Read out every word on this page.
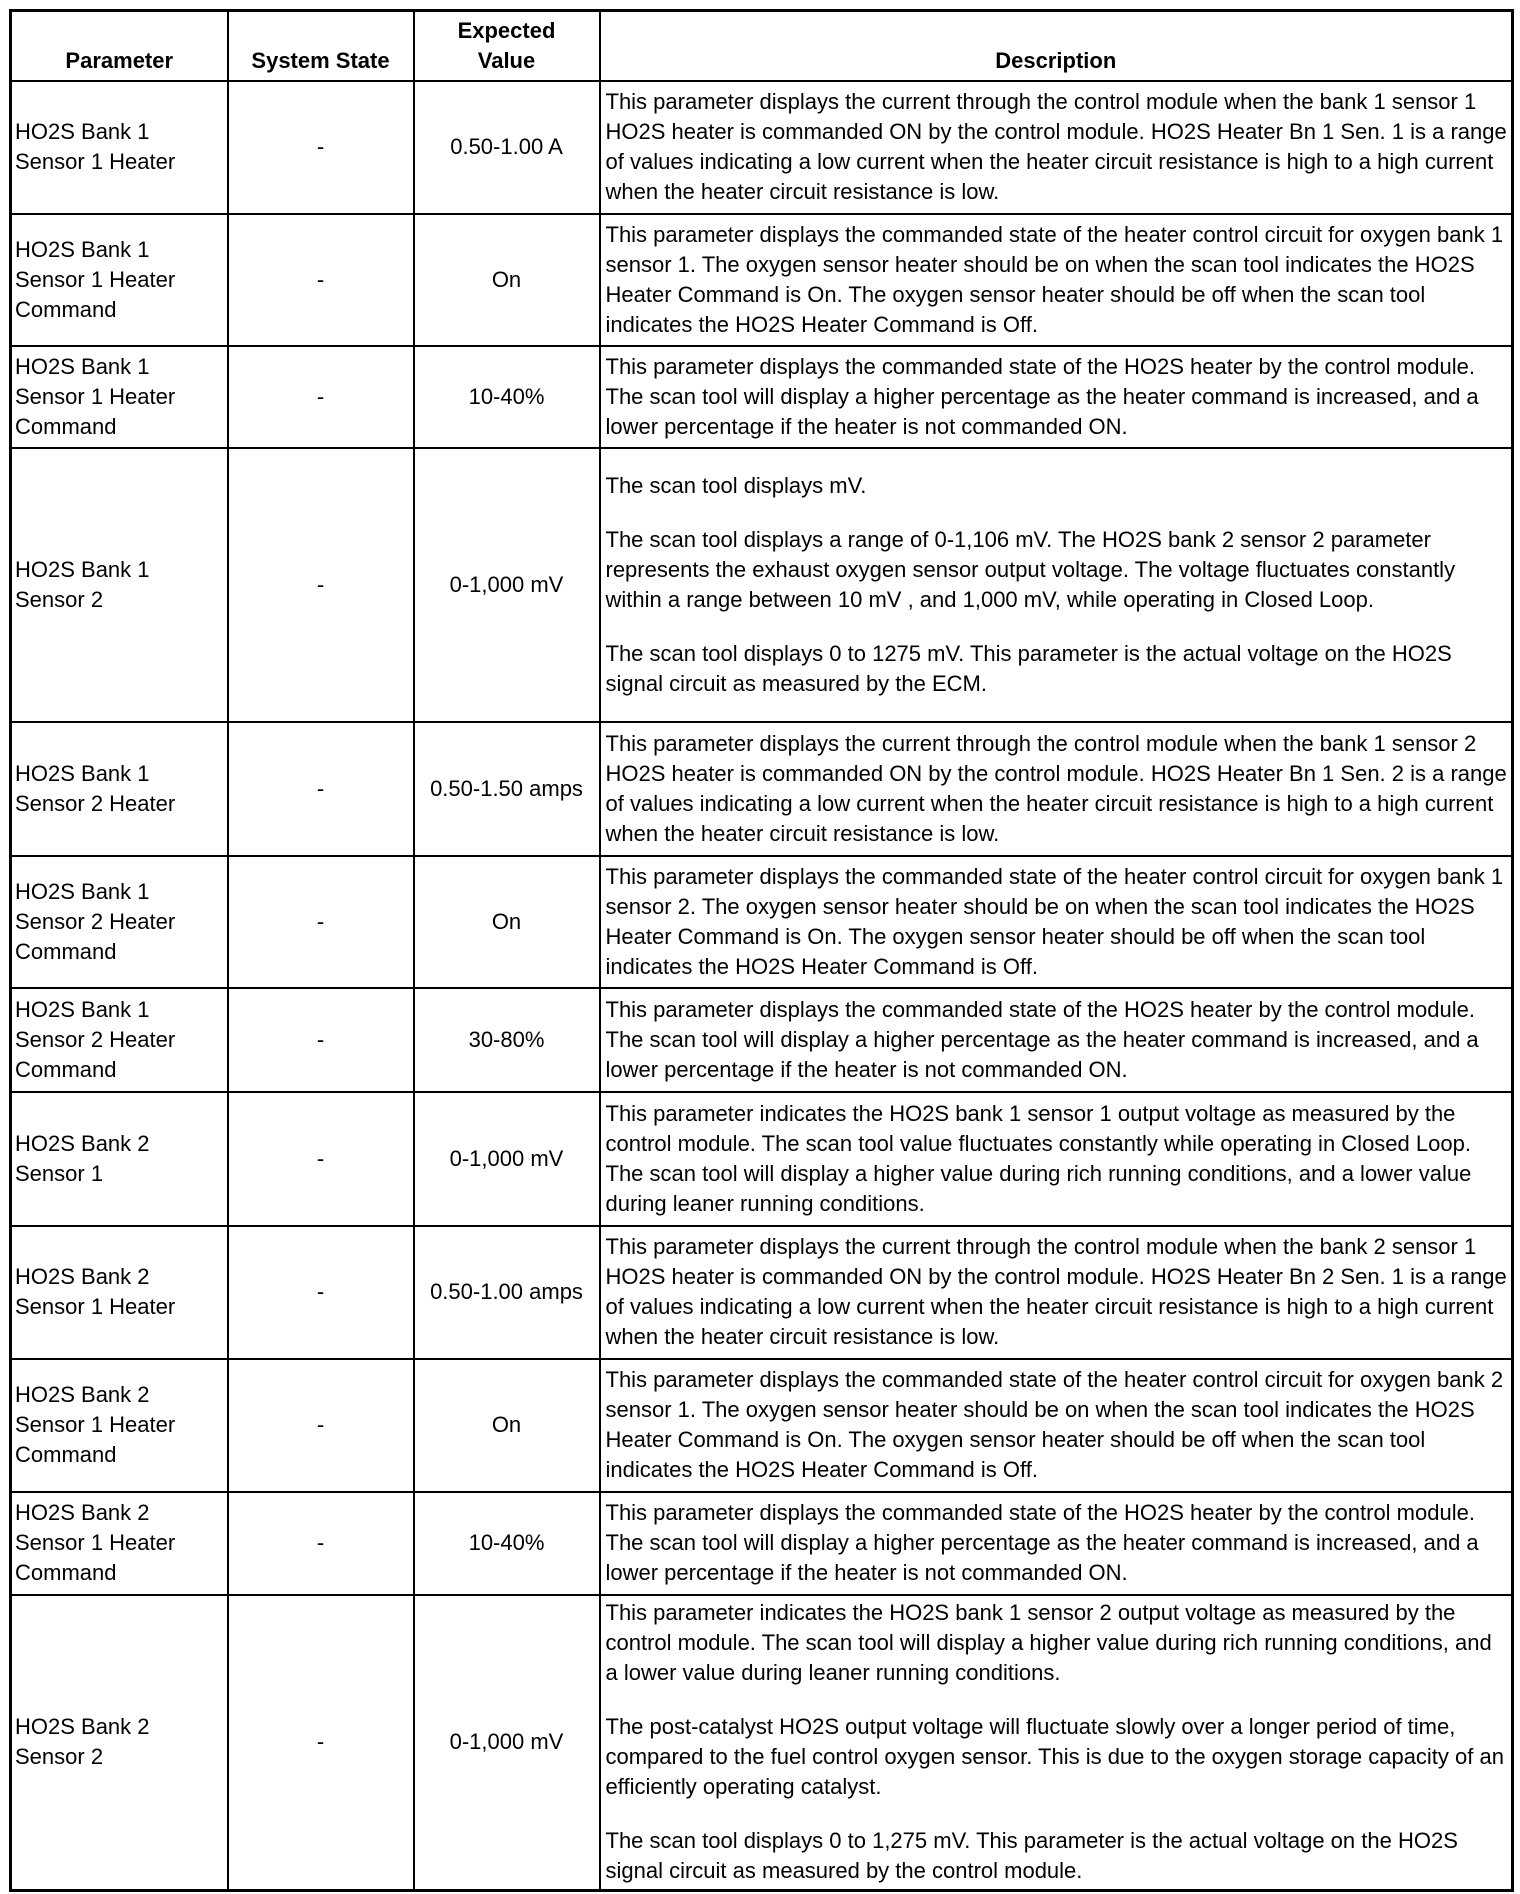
Parameter	System State	Expected Value	Description
HO2S Bank 1 Sensor 1 Heater	-	0.50-1.00 A	This parameter displays the current through the control module when the bank 1 sensor 1 HO2S heater is commanded ON by the control module. HO2S Heater Bn 1 Sen. 1 is a range of values indicating a low current when the heater circuit resistance is high to a high current when the heater circuit resistance is low.

HO2S Bank 1 Sensor 1 Heater Command	-	On	This parameter displays the commanded state of the heater control circuit for oxygen bank 1 sensor 1. The oxygen sensor heater should be on when the scan tool indicates the HO2S Heater Command is On. The oxygen sensor heater should be off when the scan tool indicates the HO2S Heater Command is Off.

HO2S Bank 1 Sensor 1 Heater Command	-	10-40%	This parameter displays the commanded state of the HO2S heater by the control module. The scan tool will display a higher percentage as the heater command is increased, and a lower percentage if the heater is not commanded ON.

HO2S Bank 1 Sensor 2	-	0-1,000 mV	The scan tool displays mV.

The scan tool displays a range of 0-1,106 mV. The HO2S bank 2 sensor 2 parameter represents the exhaust oxygen sensor output voltage. The voltage fluctuates constantly within a range between 10 mV , and 1,000 mV, while operating in Closed Loop.

The scan tool displays 0 to 1275 mV. This parameter is the actual voltage on the HO2S signal circuit as measured by the ECM.

HO2S Bank 1 Sensor 2 Heater	-	0.50-1.50 amps	This parameter displays the current through the control module when the bank 1 sensor 2 HO2S heater is commanded ON by the control module. HO2S Heater Bn 1 Sen. 2 is a range of values indicating a low current when the heater circuit resistance is high to a high current when the heater circuit resistance is low.

HO2S Bank 1 Sensor 2 Heater Command	-	On	This parameter displays the commanded state of the heater control circuit for oxygen bank 1 sensor 2. The oxygen sensor heater should be on when the scan tool indicates the HO2S Heater Command is On. The oxygen sensor heater should be off when the scan tool indicates the HO2S Heater Command is Off.

HO2S Bank 1 Sensor 2 Heater Command	-	30-80%	This parameter displays the commanded state of the HO2S heater by the control module. The scan tool will display a higher percentage as the heater command is increased, and a lower percentage if the heater is not commanded ON.

HO2S Bank 2 Sensor 1	-	0-1,000 mV	This parameter indicates the HO2S bank 1 sensor 1 output voltage as measured by the control module. The scan tool value fluctuates constantly while operating in Closed Loop. The scan tool will display a higher value during rich running conditions, and a lower value during leaner running conditions.

HO2S Bank 2 Sensor 1 Heater	-	0.50-1.00 amps	This parameter displays the current through the control module when the bank 2 sensor 1 HO2S heater is commanded ON by the control module. HO2S Heater Bn 2 Sen. 1 is a range of values indicating a low current when the heater circuit resistance is high to a high current when the heater circuit resistance is low.

HO2S Bank 2 Sensor 1 Heater Command	-	On	This parameter displays the commanded state of the heater control circuit for oxygen bank 2 sensor 1. The oxygen sensor heater should be on when the scan tool indicates the HO2S Heater Command is On. The oxygen sensor heater should be off when the scan tool indicates the HO2S Heater Command is Off.

HO2S Bank 2 Sensor 1 Heater Command	-	10-40%	This parameter displays the commanded state of the HO2S heater by the control module. The scan tool will display a higher percentage as the heater command is increased, and a lower percentage if the heater is not commanded ON.

HO2S Bank 2 Sensor 2	-	0-1,000 mV	This parameter indicates the HO2S bank 1 sensor 2 output voltage as measured by the control module. The scan tool will display a higher value during rich running conditions, and a lower value during leaner running conditions.

The post-catalyst HO2S output voltage will fluctuate slowly over a longer period of time, compared to the fuel control oxygen sensor. This is due to the oxygen storage capacity of an efficiently operating catalyst.

The scan tool displays 0 to 1,275 mV. This parameter is the actual voltage on the HO2S signal circuit as measured by the control module.
